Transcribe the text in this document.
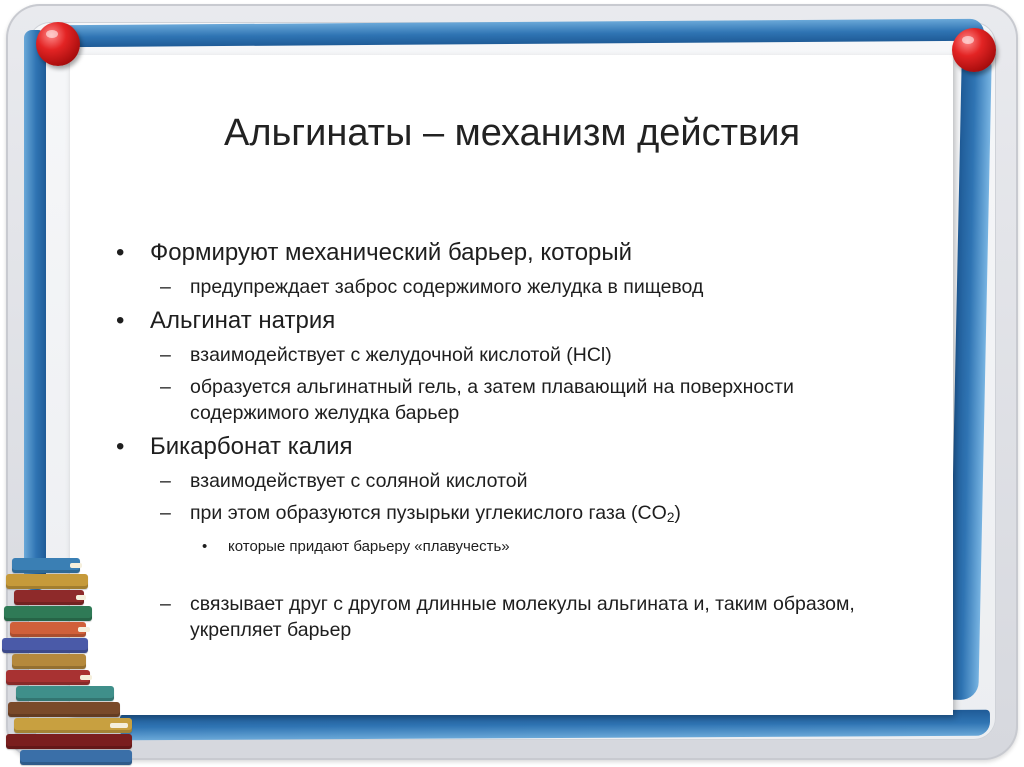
Альгинаты – механизм действия

• Формируют механический барьер, который

– предупреждает заброс содержимого желудка в пищевод

• Альгинат натрия

– взаимодействует с желудочной кислотой (HCl)

– образуется альгинатный гель, а затем плавающий на поверхности содержимого желудка барьер

• Бикарбонат калия

– взаимодействует с соляной кислотой

– при этом образуются пузырьки углекислого газа $(CO_2)$

• которые придают барьеру «плавучесть»

– связывает друг с другом длинные молекулы альгината и, таким образом, укрепляет барьер
